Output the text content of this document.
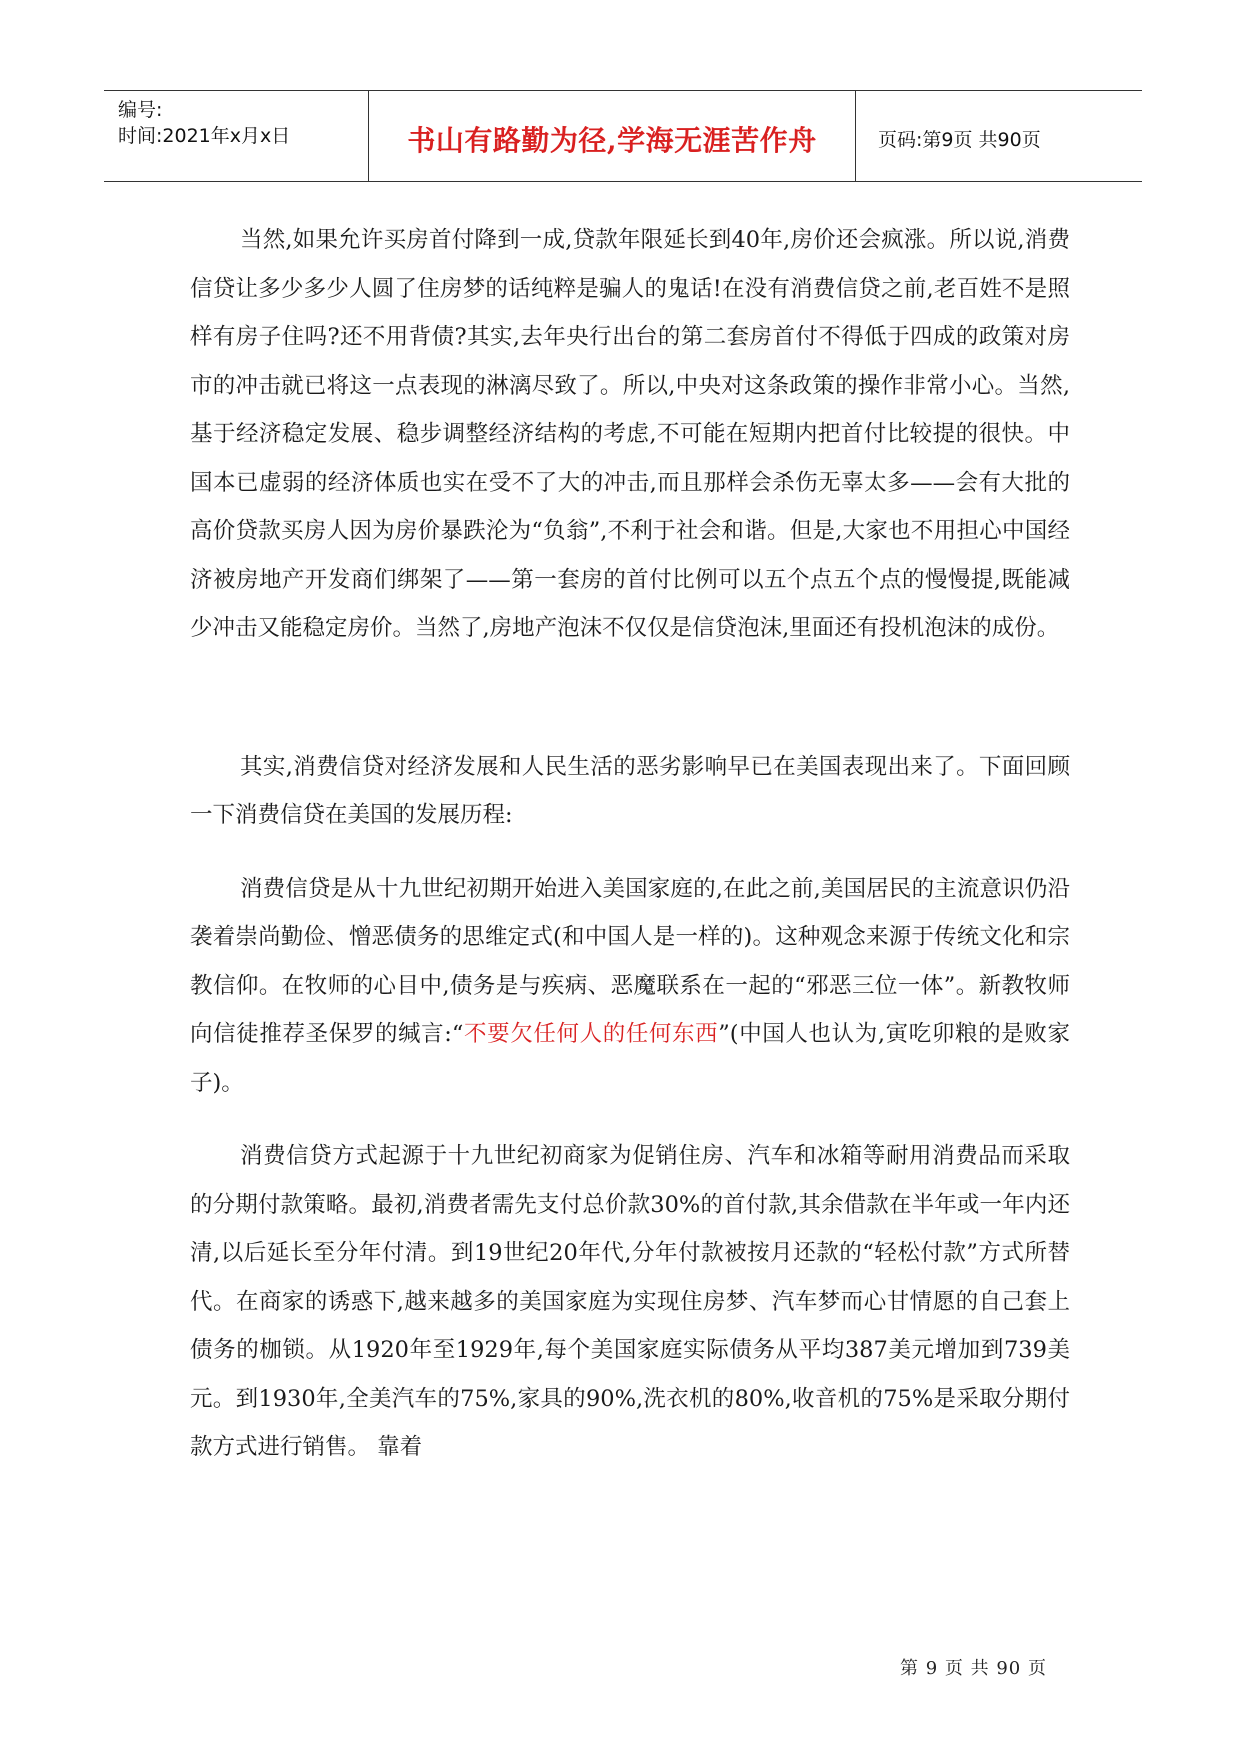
编号:
时间:2021年x月x日	书山有路勤为径,学海无涯苦作舟	页码:第9页 共90页

当然,如果允许买房首付降到一成,贷款年限延长到40年,房价还会疯涨。所以说,消费信贷让多少多少人圆了住房梦的话纯粹是骗人的鬼话!在没有消费信贷之前,老百姓不是照样有房子住吗?还不用背债?其实,去年央行出台的第二套房首付不得低于四成的政策对房市的冲击就已将这一点表现的淋漓尽致了。所以,中央对这条政策的操作非常小心。当然,基于经济稳定发展、稳步调整经济结构的考虑,不可能在短期内把首付比较提的很快。中国本已虚弱的经济体质也实在受不了大的冲击,而且那样会杀伤无辜太多——会有大批的高价贷款买房人因为房价暴跌沦为“负翁”,不利于社会和谐。但是,大家也不用担心中国经济被房地产开发商们绑架了——第一套房的首付比例可以五个点五个点的慢慢提,既能减少冲击又能稳定房价。当然了,房地产泡沫不仅仅是信贷泡沫,里面还有投机泡沫的成份。

其实,消费信贷对经济发展和人民生活的恶劣影响早已在美国表现出来了。下面回顾一下消费信贷在美国的发展历程:

消费信贷是从十九世纪初期开始进入美国家庭的,在此之前,美国居民的主流意识仍沿袭着崇尚勤俭、憎恶债务的思维定式(和中国人是一样的)。这种观念来源于传统文化和宗教信仰。在牧师的心目中,债务是与疾病、恶魔联系在一起的“邪恶三位一体”。新教牧师向信徒推荐圣保罗的缄言:“不要欠任何人的任何东西”(中国人也认为,寅吃卯粮的是败家子)。

消费信贷方式起源于十九世纪初商家为促销住房、汽车和冰箱等耐用消费品而采取的分期付款策略。最初,消费者需先支付总价款30%的首付款,其余借款在半年或一年内还清,以后延长至分年付清。到19世纪20年代,分年付款被按月还款的“轻松付款”方式所替代。在商家的诱惑下,越来越多的美国家庭为实现住房梦、汽车梦而心甘情愿的自己套上债务的枷锁。从1920年至1929年,每个美国家庭实际债务从平均387美元增加到739美元。到1930年,全美汽车的75%,家具的90%,洗衣机的80%,收音机的75%是采取分期付款方式进行销售。 靠着

第 9 页 共 90 页
